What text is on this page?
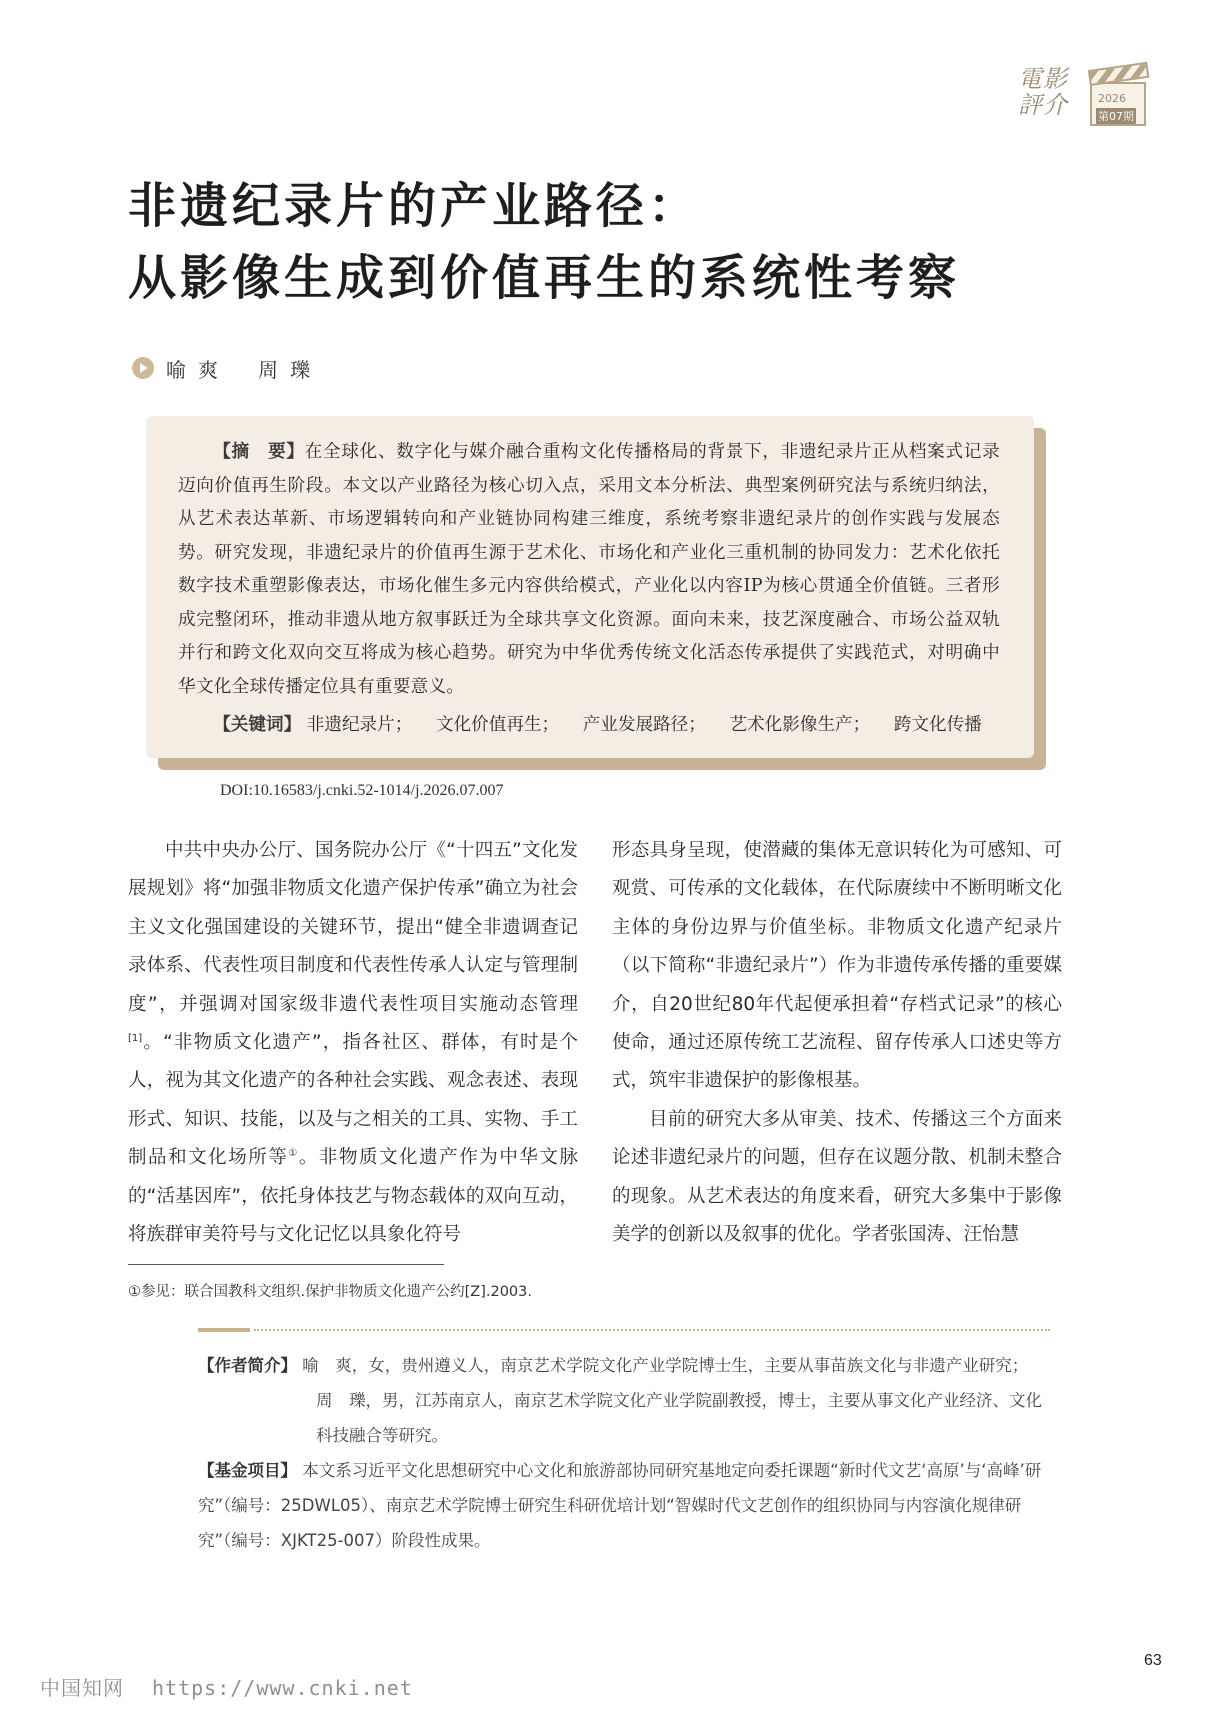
電影評介	2026
第07期
非遗纪录片的产业路径：
从影像生成到价值再生的系统性考察
喻爽 周瓅
【摘　要】在全球化、数字化与媒介融合重构文化传播格局的背景下，非遗纪录片正从档案式记录迈向价值再生阶段。本文以产业路径为核心切入点，采用文本分析法、典型案例研究法与系统归纳法，从艺术表达革新、市场逻辑转向和产业链协同构建三维度，系统考察非遗纪录片的创作实践与发展态势。研究发现，非遗纪录片的价值再生源于艺术化、市场化和产业化三重机制的协同发力：艺术化依托数字技术重塑影像表达，市场化催生多元内容供给模式，产业化以内容IP为核心贯通全价值链。三者形成完整闭环，推动非遗从地方叙事跃迁为全球共享文化资源。面向未来，技艺深度融合、市场公益双轨并行和跨文化双向交互将成为核心趋势。研究为中华优秀传统文化活态传承提供了实践范式，对明确中华文化全球传播定位具有重要意义。
【关键词】 非遗纪录片； 文化价值再生； 产业发展路径； 艺术化影像生产； 跨文化传播
DOI:10.16583/j.cnki.52-1014/j.2026.07.007

中共中央办公厅、国务院办公厅《“十四五”文化发展规划》将“加强非物质文化遗产保护传承”确立为社会主义文化强国建设的关键环节，提出“健全非遗调查记录体系、代表性项目制度和代表性传承人认定与管理制度”，并强调对国家级非遗代表性项目实施动态管理[1]。“非物质文化遗产”，指各社区、群体，有时是个人，视为其文化遗产的各种社会实践、观念表述、表现形式、知识、技能，以及与之相关的工具、实物、手工制品和文化场所等①。非物质文化遗产作为中华文脉的“活基因库”，依托身体技艺与物态载体的双向互动，将族群审美符号与文化记忆以具象化符号

形态具身呈现，使潜藏的集体无意识转化为可感知、可观赏、可传承的文化载体，在代际赓续中不断明晰文化主体的身份边界与价值坐标。非物质文化遗产纪录片（以下简称“非遗纪录片”）作为非遗传承传播的重要媒介，自20世纪80年代起便承担着“存档式记录”的核心使命，通过还原传统工艺流程、留存传承人口述史等方式，筑牢非遗保护的影像根基。

目前的研究大多从审美、技术、传播这三个方面来论述非遗纪录片的问题，但存在议题分散、机制未整合的现象。从艺术表达的角度来看，研究大多集中于影像美学的创新以及叙事的优化。学者张国涛、汪怡慧

①参见：联合国教科文组织.保护非物质文化遗产公约[Z].2003.

【作者简介】 喻　爽，女，贵州遵义人，南京艺术学院文化产业学院博士生，主要从事苗族文化与非遗产业研究；

周　瓅，男，江苏南京人，南京艺术学院文化产业学院副教授，博士，主要从事文化产业经济、文化科技融合等研究。

【基金项目】 本文系习近平文化思想研究中心文化和旅游部协同研究基地定向委托课题“新时代文艺‘高原’与‘高峰’研究”（编号：25DWL05）、南京艺术学院博士研究生科研优培计划“智媒时代文艺创作的组织协同与内容演化规律研究”（编号：XJKT25-007）阶段性成果。

63
中国知网 https://www.cnki.net
